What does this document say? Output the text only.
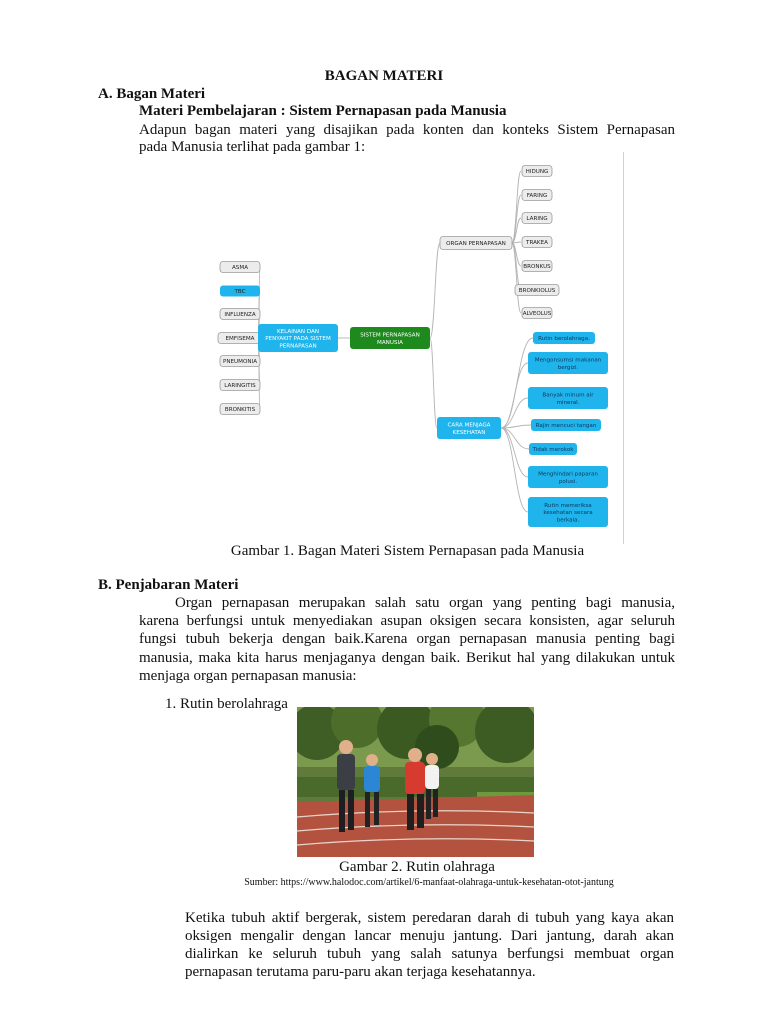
BAGAN MATERI
A. Bagan Materi
Materi Pembelajaran : Sistem Pernapasan pada Manusia
Adapun bagan materi yang disajikan pada konten dan konteks Sistem Pernapasan
pada Manusia terlihat pada gambar 1:
ASMA
TBC
INFLUENZA
EMFISEMA
PNEUMONIA
LARINGITIS
BRONKITIS
KELAINAN DAN
PENYAKIT PADA SISTEM
PERNAPASAN
SISTEM PERNAPASAN
MANUSIA
ORGAN PERNAPASAN
HIDUNG
FARING
LARING
TRAKEA
BRONKUS
BRONKIOLUS
ALVEOLUS
CARA MENJAGA
KESEHATAN
Rutin berolahraga.
Mengonsumsi makanan
bergizi.
Banyak minum air
mineral.
Rajin mencuci tangan
Tidak merokok
Menghindari paparan
polusi.
Rutin memeriksa
kesehatan secara
berkala.
Gambar 1. Bagan Materi Sistem Pernapasan pada Manusia
B. Penjabaran Materi
Organ pernapasan merupakan salah satu organ yang penting bagi manusia,
karena berfungsi untuk menyediakan asupan oksigen secara konsisten, agar seluruh
fungsi tubuh bekerja dengan baik.Karena organ pernapasan manusia penting bagi
manusia, maka kita harus menjaganya dengan baik. Berikut hal yang dilakukan untuk
menjaga organ pernapasan manusia:
1. Rutin berolahraga
Gambar 2. Rutin olahraga
Sumber: https://www.halodoc.com/artikel/6-manfaat-olahraga-untuk-kesehatan-otot-jantung
Ketika tubuh aktif bergerak, sistem peredaran darah di tubuh yang kaya akan
oksigen mengalir dengan lancar menuju jantung. Dari jantung, darah akan
dialirkan ke seluruh tubuh yang salah satunya berfungsi membuat organ
pernapasan terutama paru-paru akan terjaga kesehatannya.
